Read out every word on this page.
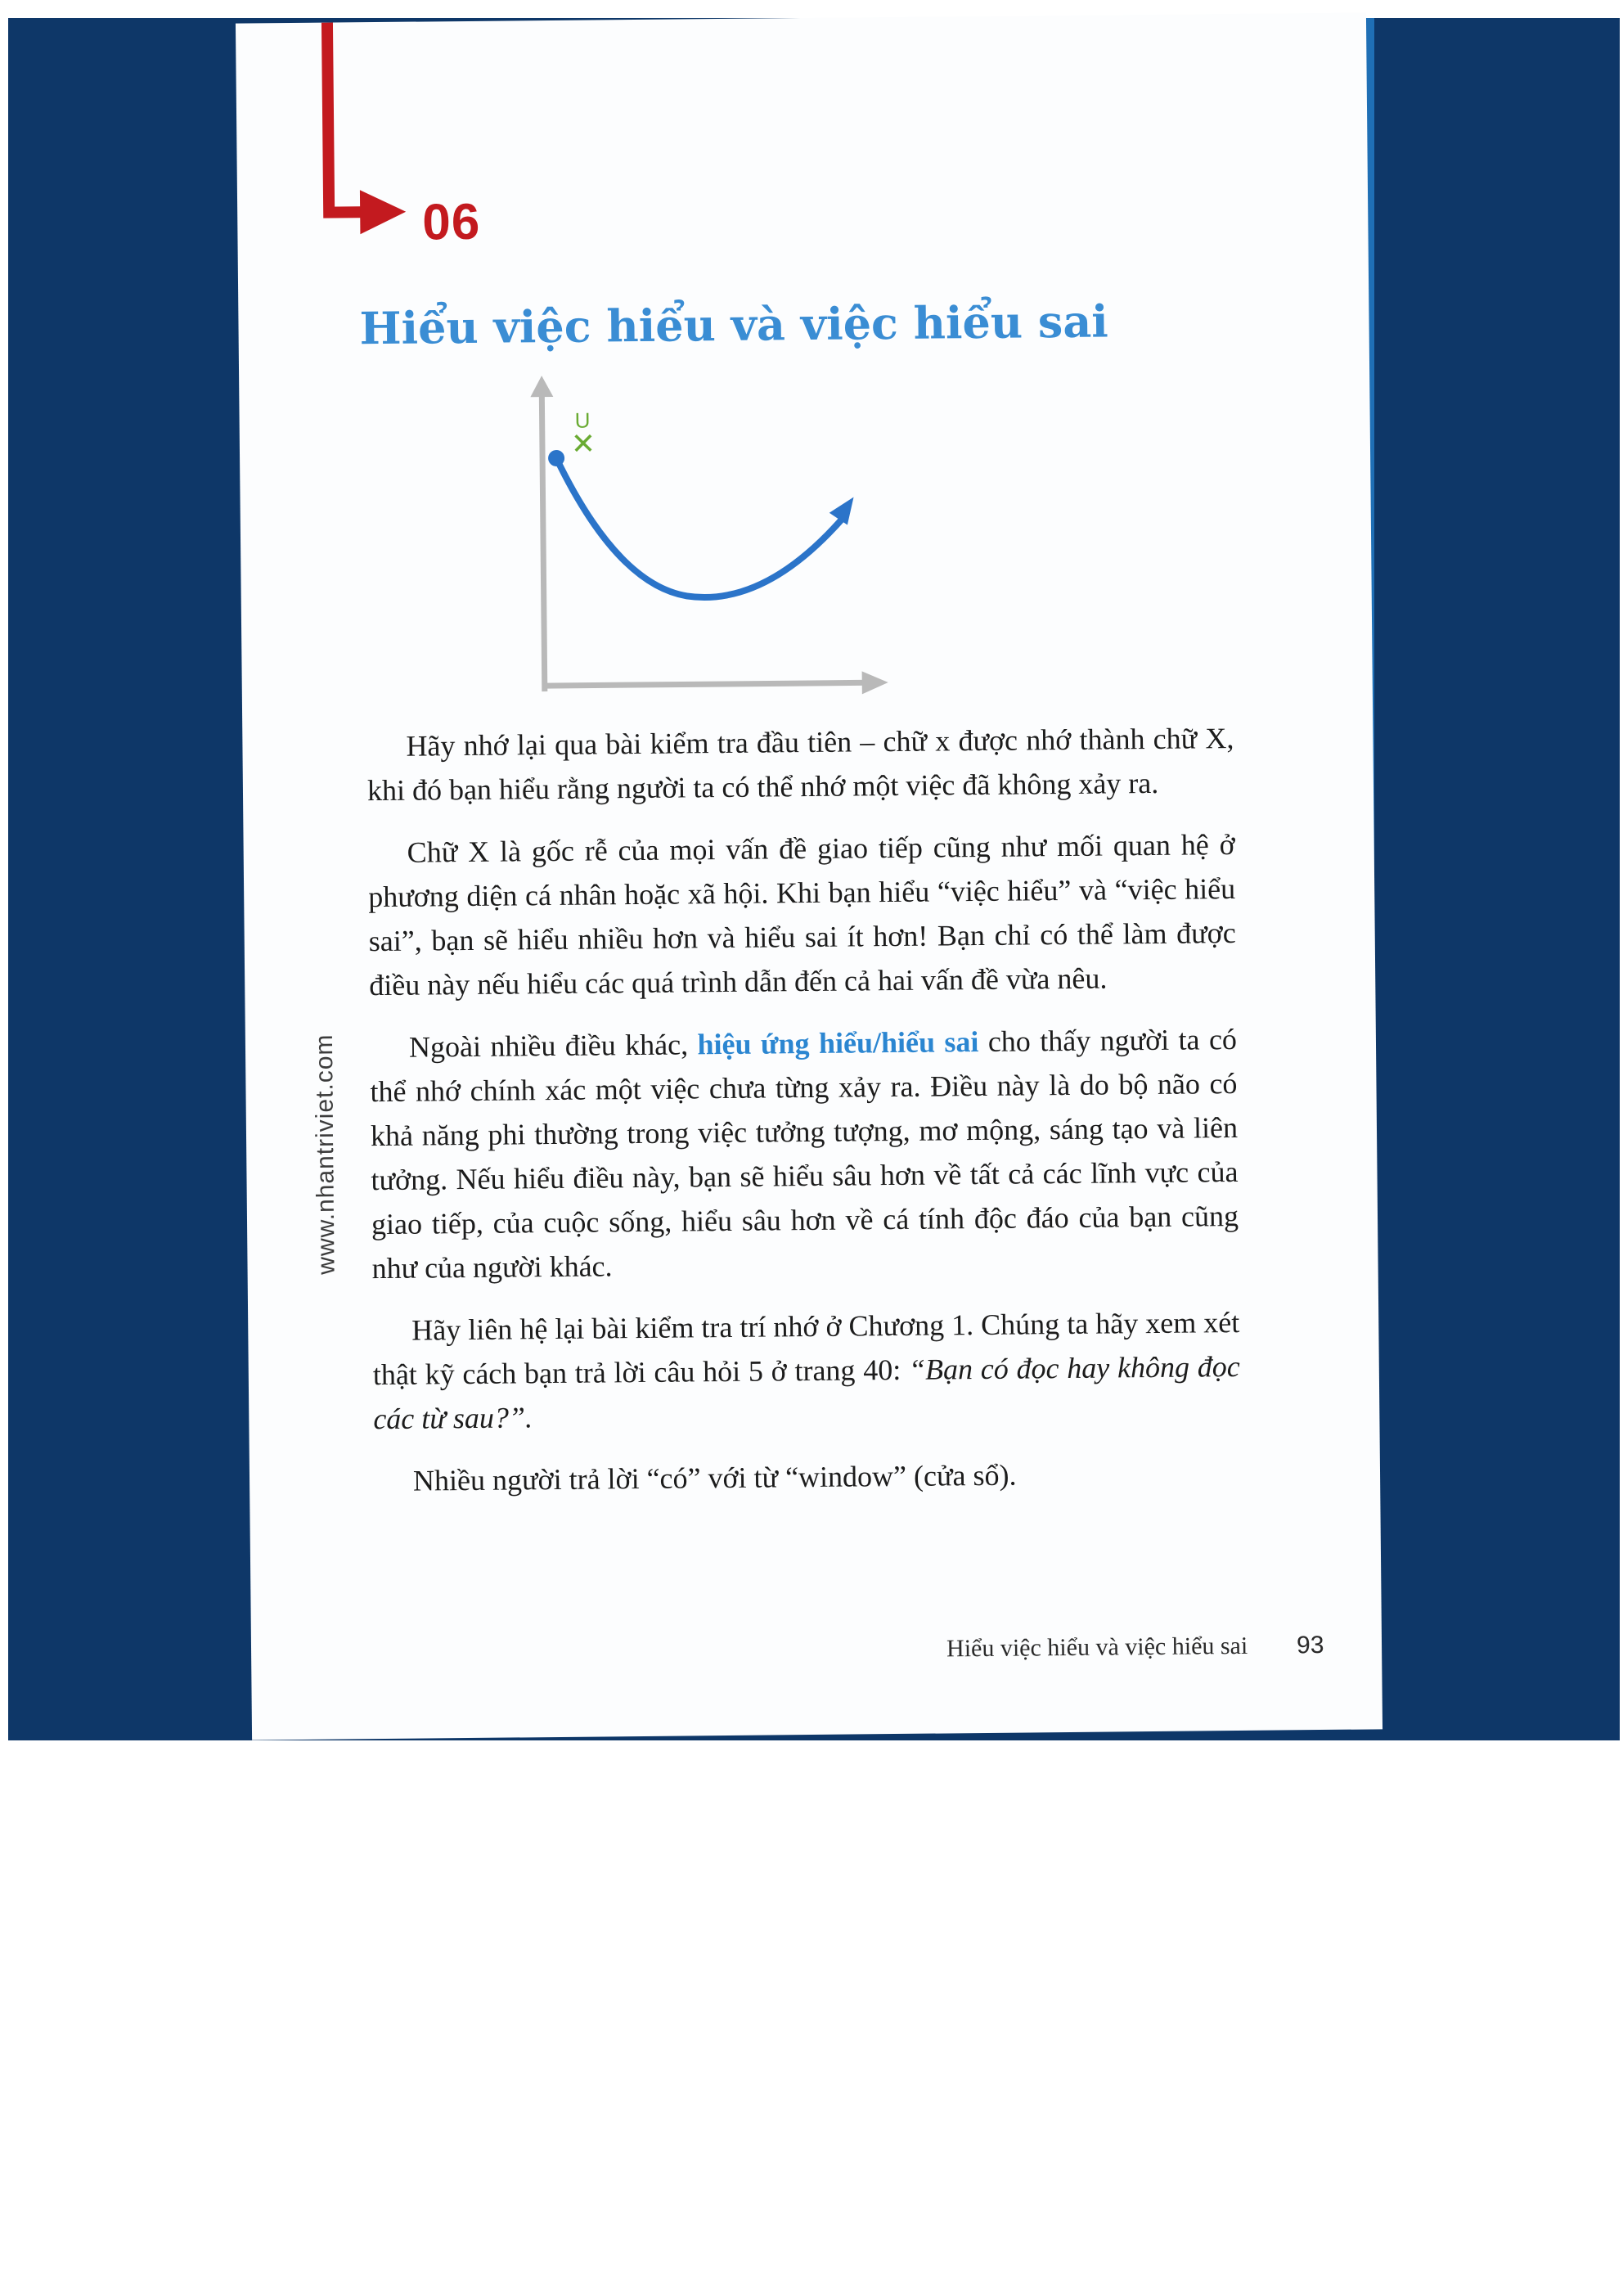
06
Hiểu việc hiểu và việc hiểu sai
U
✕

Hãy nhớ lại qua bài kiểm tra đầu tiên – chữ x được nhớ thành chữ X, khi đó bạn hiểu rằng người ta có thể nhớ một việc đã không xảy ra.

Chữ X là gốc rễ của mọi vấn đề giao tiếp cũng như mối quan hệ ở phương diện cá nhân hoặc xã hội. Khi bạn hiểu “việc hiểu” và “việc hiểu sai”, bạn sẽ hiểu nhiều hơn và hiểu sai ít hơn! Bạn chỉ có thể làm được điều này nếu hiểu các quá trình dẫn đến cả hai vấn đề vừa nêu.

Ngoài nhiều điều khác, hiệu ứng hiểu/hiểu sai cho thấy người ta có thể nhớ chính xác một việc chưa từng xảy ra. Điều này là do bộ não có khả năng phi thường trong việc tưởng tượng, mơ mộng, sáng tạo và liên tưởng. Nếu hiểu điều này, bạn sẽ hiểu sâu hơn về tất cả các lĩnh vực của giao tiếp, của cuộc sống, hiểu sâu hơn về cá tính độc đáo của bạn cũng như của người khác.

Hãy liên hệ lại bài kiểm tra trí nhớ ở Chương 1. Chúng ta hãy xem xét thật kỹ cách bạn trả lời câu hỏi 5 ở trang 40: “Bạn có đọc hay không đọc các từ sau?”.

Nhiều người trả lời “có” với từ “window” (cửa sổ).

www.nhantriviet.com
Hiểu việc hiểu và việc hiểu sai 93
